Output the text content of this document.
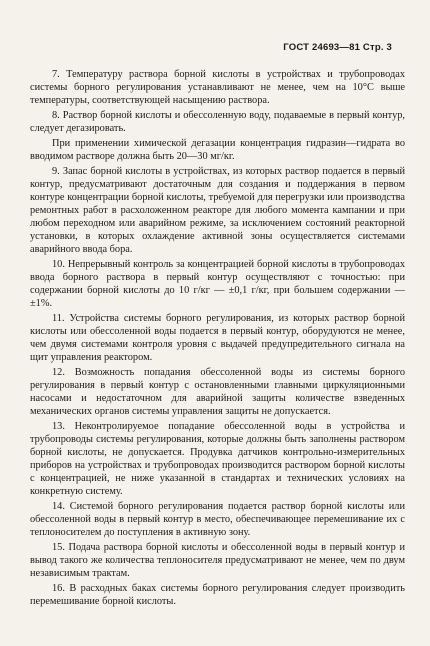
ГОСТ 24693—81 Стр. 3

7. Температуру раствора борной кислоты в устройствах и трубопроводах системы борного регулирования устанавливают не менее, чем на 10°С выше температуры, соответствующей насыщению раствора.

8. Раствор борной кислоты и обессоленную воду, подаваемые в первый контур, следует дегазировать.

При применении химической дегазации концентрация гидразин—гидрата во вводимом растворе должна быть 20—30 мг/кг.

9. Запас борной кислоты в устройствах, из которых раствор подается в первый контур, предусматривают достаточным для создания и поддержания в первом контуре концентрации борной кислоты, требуемой для перегрузки или производства ремонтных работ в расхоложенном реакторе для любого момента кампании и при любом переходном или аварийном режиме, за исключением состояний реакторной установки, в которых охлаждение активной зоны осуществляется системами аварийного ввода бора.

10. Непрерывный контроль за концентрацией борной кислоты в трубопроводах ввода борного раствора в первый контур осуществляют с точностью: при содержании борной кислоты до 10 г/кг — ±0,1 г/кг, при большем содержании — ±1%.

11. Устройства системы борного регулирования, из которых раствор борной кислоты или обессоленной воды подается в первый контур, оборудуются не менее, чем двумя системами контроля уровня с выдачей предупредительного сигнала на щит управления реактором.

12. Возможность попадания обессоленной воды из системы борного регулирования в первый контур с остановленными главными циркуляционными насосами и недостаточном для аварийной защиты количестве взведенных механических органов системы управления защиты не допускается.

13. Неконтролируемое попадание обессоленной воды в устройства и трубопроводы системы регулирования, которые должны быть заполнены раствором борной кислоты, не допускается. Продувка датчиков контрольно-измерительных приборов на устройствах и трубопроводах производится раствором борной кислоты с концентрацией, не ниже указанной в стандартах и технических условиях на конкретную систему.

14. Системой борного регулирования подается раствор борной кислоты или обессоленной воды в первый контур в место, обеспечивающее перемешивание их с теплоносителем до поступления в активную зону.

15. Подача раствора борной кислоты и обессоленной воды в первый контур и вывод такого же количества теплоносителя предусматривают не менее, чем по двум независимым трактам.

16. В расходных баках системы борного регулирования следует производить перемешивание борной кислоты.
